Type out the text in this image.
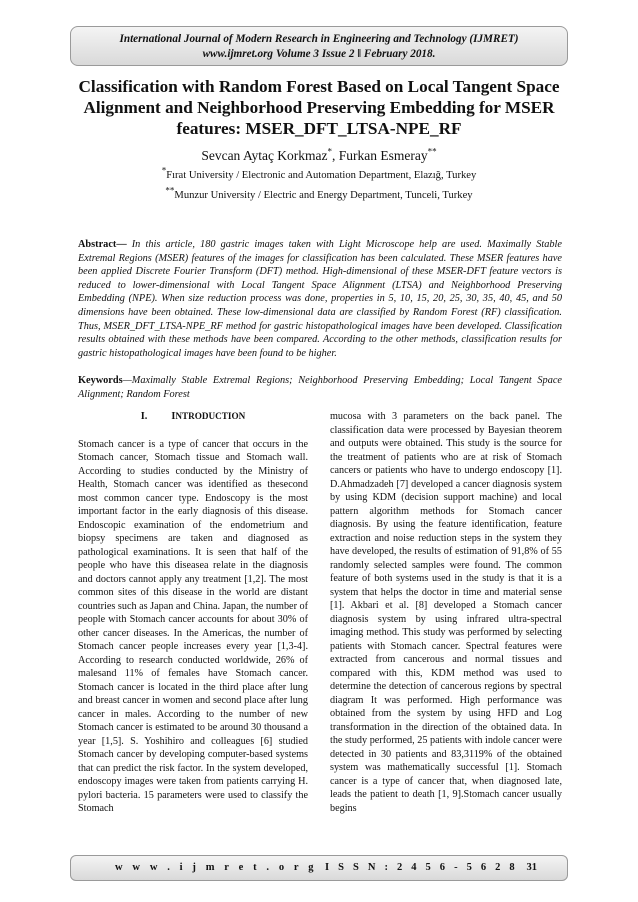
International Journal of Modern Research in Engineering and Technology (IJMRET)
www.ijmret.org Volume 3 Issue 2 ǁ February 2018.
Classification with Random Forest Based on Local Tangent Space Alignment and Neighborhood Preserving Embedding for MSER features: MSER_DFT_LTSA-NPE_RF
Sevcan Aytaç Korkmaz*, Furkan Esmeray**
*Fırat University / Electronic and Automation Department, Elazığ, Turkey
**Munzur University / Electric and Energy Department, Tunceli, Turkey
Abstract— In this article, 180 gastric images taken with Light Microscope help are used. Maximally Stable Extremal Regions (MSER) features of the images for classification has been calculated. These MSER features have been applied Discrete Fourier Transform (DFT) method. High-dimensional of these MSER-DFT feature vectors is reduced to lower-dimensional with Local Tangent Space Alignment (LTSA) and Neighborhood Preserving Embedding (NPE). When size reduction process was done, properties in 5, 10, 15, 20, 25, 30, 35, 40, 45, and 50 dimensions have been obtained. These low-dimensional data are classified by Random Forest (RF) classification. Thus, MSER_DFT_LTSA-NPE_RF method for gastric histopathological images have been developed. Classification results obtained with these methods have been compared. According to the other methods, classification results for gastric histopathological images have been found to be higher.
Keywords—Maximally Stable Extremal Regions; Neighborhood Preserving Embedding; Local Tangent Space Alignment; Random Forest
I. INTRODUCTION

Stomach cancer is a type of cancer that occurs in the Stomach cancer, Stomach tissue and Stomach wall. According to studies conducted by the Ministry of Health, Stomach cancer was identified as thesecond most common cancer type. Endoscopy is the most important factor in the early diagnosis of this disease. Endoscopic examination of the endometrium and biopsy specimens are taken and diagnosed as pathological examinations. It is seen that half of the people who have this diseasea relate in the diagnosis and doctors cannot apply any treatment [1,2]. The most common sites of this disease in the world are distant countries such as Japan and China. Japan, the number of people with Stomach cancer accounts for about 30% of other cancer diseases. In the Americas, the number of Stomach cancer people increases every year [1,3-4]. According to research conducted worldwide, 26% of malesand 11% of females have Stomach cancer. Stomach cancer is located in the third place after lung and breast cancer in women and second place after lung cancer in males. According to the number of new Stomach cancer is estimated to be around 30 thousand a year [1,5]. S. Yoshihiro and colleagues [6] studied Stomach cancer by developing computer-based systems that can predict the risk factor. In the system developed, endoscopy images were taken from patients carrying H. pylori bacteria. 15 parameters were used to classify the Stomach

mucosa with 3 parameters on the back panel. The classification data were processed by Bayesian theorem and outputs were obtained. This study is the source for the treatment of patients who are at risk of Stomach cancers or patients who have to undergo endoscopy [1]. D.Ahmadzadeh [7] developed a cancer diagnosis system by using KDM (decision support machine) and local pattern algorithm methods for Stomach cancer diagnosis. By using the feature identification, feature extraction and noise reduction steps in the system they have developed, the results of estimation of 91,8% of 55 randomly selected samples were found. The common feature of both systems used in the study is that it is a system that helps the doctor in time and material sense [1]. Akbari et al. [8] developed a Stomach cancer diagnosis system by using infrared ultra-spectral imaging method. This study was performed by selecting patients with Stomach cancer. Spectral features were extracted from cancerous and normal tissues and compared with this, KDM method was used to determine the detection of cancerous regions by spectral diagram It was performed. High performance was obtained from the system by using HFD and Log transformation in the direction of the obtained data. In the study performed, 25 patients with indole cancer were detected in 30 patients and 83,3119% of the obtained system was mathematically successful [1]. Stomach cancer is a type of cancer that, when diagnosed late, leads the patient to death [1, 9].Stomach cancer usually begins

w w w . i j m r e t . o r g I S S N : 2 4 5 6 - 5 6 2 8 31
